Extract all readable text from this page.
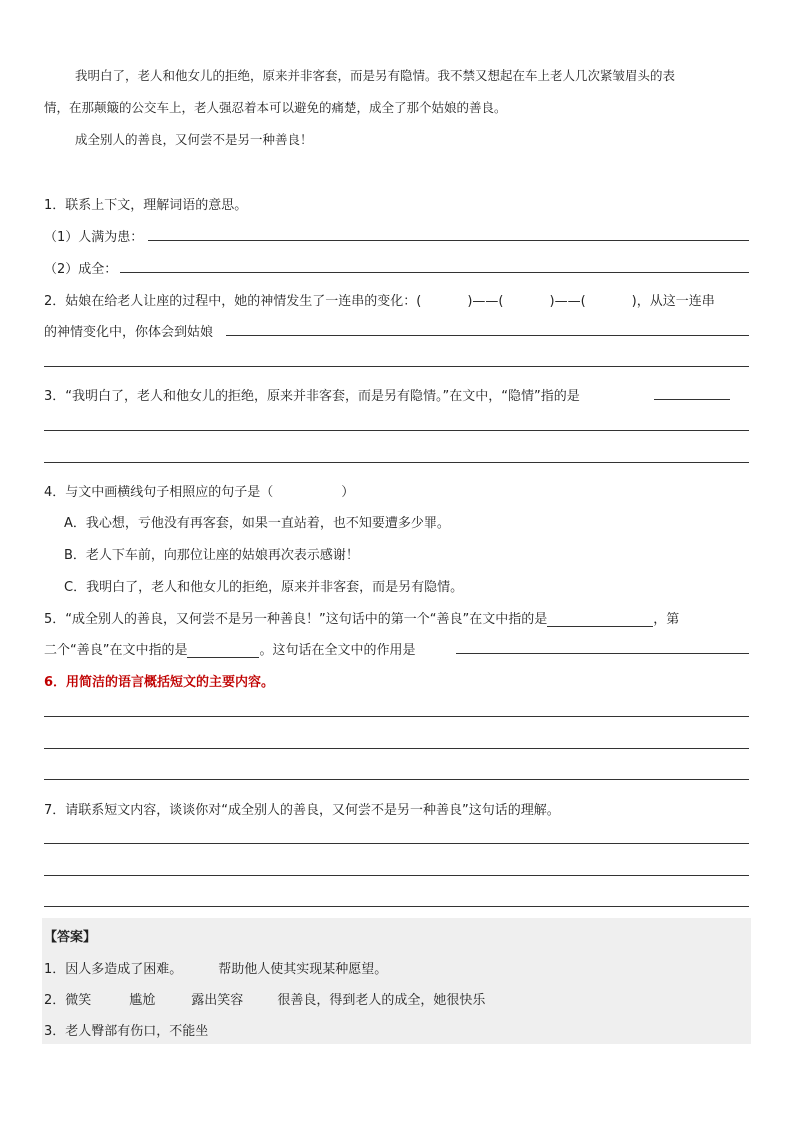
我明白了，老人和他女儿的拒绝，原来并非客套，而是另有隐情。我不禁又想起在车上老人几次紧皱眉头的表
情，在那颠簸的公交车上，老人强忍着本可以避免的痛楚，成全了那个姑娘的善良。
成全别人的善良，又何尝不是另一种善良！
1．联系上下文，理解词语的意思。
（1）人满为患：
（2）成全：
2．姑娘在给老人让座的过程中，她的神情发生了一连串的变化：(	)——(	)——(	)，从这一连串
的神情变化中，你体会到姑娘
3．“我明白了，老人和他女儿的拒绝，原来并非客套，而是另有隐情。”在文中，“隐情”指的是
4．与文中画横线句子相照应的句子是（	）
A．我心想，亏他没有再客套，如果一直站着，也不知要遭多少罪。
B．老人下车前，向那位让座的姑娘再次表示感谢！
C．我明白了，老人和他女儿的拒绝，原来并非客套，而是另有隐情。
5．“成全别人的善良，又何尝不是另一种善良！”这句话中的第一个“善良”在文中指的是	，第
二个“善良”在文中指的是	。这句话在全文中的作用是
6．用简洁的语言概括短文的主要内容。
7．请联系短文内容，谈谈你对“成全别人的善良，又何尝不是另一种善良”这句话的理解。
【答案】
1．因人多造成了困难。	帮助他人使其实现某种愿望。
2．微笑	尴尬	露出笑容	很善良，得到老人的成全，她很快乐
3．老人臀部有伤口，不能坐
